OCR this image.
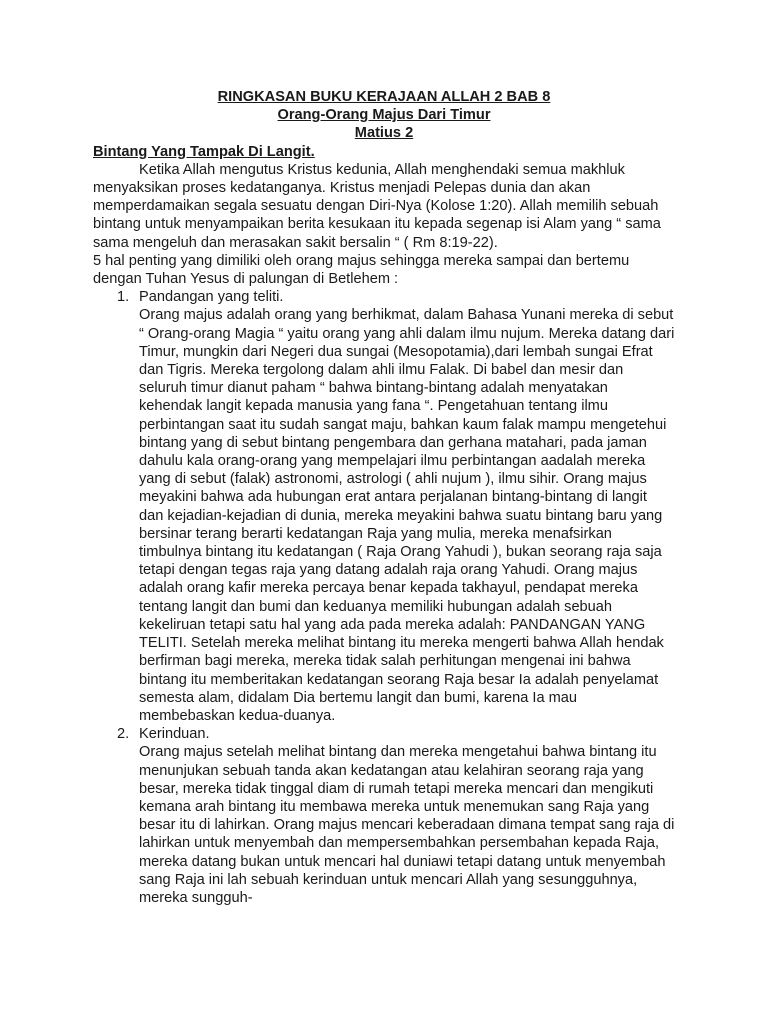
RINGKASAN BUKU KERAJAAN ALLAH 2 BAB 8

Orang-Orang Majus Dari Timur

Matius 2

Bintang Yang Tampak Di Langit.

Ketika Allah mengutus Kristus kedunia, Allah menghendaki semua makhluk menyaksikan proses kedatanganya. Kristus menjadi Pelepas dunia dan akan memperdamaikan segala sesuatu dengan Diri-Nya (Kolose 1:20). Allah memilih sebuah bintang untuk menyampaikan berita kesukaan itu kepada segenap isi Alam yang “ sama sama mengeluh dan merasakan sakit bersalin “ ( Rm 8:19-22).

5 hal penting yang dimiliki oleh orang majus sehingga mereka sampai dan bertemu dengan Tuhan Yesus di palungan di Betlehem :

1. Pandangan yang teliti.

Orang majus adalah orang yang berhikmat, dalam Bahasa Yunani mereka di sebut “ Orang-orang Magia “ yaitu orang yang ahli dalam ilmu nujum. Mereka datang dari Timur, mungkin dari Negeri dua sungai (Mesopotamia),dari lembah sungai Efrat dan Tigris. Mereka tergolong dalam ahli ilmu Falak. Di babel dan mesir dan seluruh timur dianut paham “ bahwa bintang-bintang adalah menyatakan kehendak langit kepada manusia yang fana “. Pengetahuan tentang ilmu perbintangan saat itu sudah sangat maju, bahkan kaum falak mampu mengetehui bintang yang di sebut bintang pengembara dan gerhana matahari, pada jaman dahulu kala orang-orang yang mempelajari ilmu perbintangan aadalah mereka yang di sebut (falak) astronomi, astrologi ( ahli nujum ), ilmu sihir. Orang majus meyakini bahwa ada hubungan erat antara perjalanan bintang-bintang di langit dan kejadian-kejadian di dunia, mereka meyakini bahwa suatu bintang baru yang bersinar terang berarti kedatangan Raja yang mulia, mereka menafsirkan timbulnya bintang itu kedatangan ( Raja Orang Yahudi ), bukan seorang raja saja tetapi dengan tegas raja yang datang adalah raja orang Yahudi. Orang majus adalah orang kafir mereka percaya benar kepada takhayul, pendapat mereka tentang langit dan bumi dan keduanya memiliki hubungan adalah sebuah kekeliruan tetapi satu hal yang ada pada mereka adalah: PANDANGAN YANG TELITI. Setelah mereka melihat bintang itu mereka mengerti bahwa Allah hendak berfirman bagi mereka, mereka tidak salah perhitungan mengenai ini bahwa bintang itu memberitakan kedatangan seorang Raja besar Ia adalah penyelamat semesta alam, didalam Dia bertemu langit dan bumi, karena Ia mau membebaskan kedua-duanya.

2. Kerinduan.

Orang majus setelah melihat bintang dan mereka mengetahui bahwa bintang itu menunjukan sebuah tanda akan kedatangan atau kelahiran seorang raja yang besar, mereka tidak tinggal diam di rumah tetapi mereka mencari dan mengikuti kemana arah bintang itu membawa mereka untuk menemukan sang Raja yang besar itu di lahirkan. Orang majus mencari keberadaan dimana tempat sang raja di lahirkan untuk menyembah dan mempersembahkan persembahan kepada Raja, mereka datang bukan untuk mencari hal duniawi tetapi datang untuk menyembah sang Raja ini lah sebuah kerinduan untuk mencari Allah yang sesungguhnya, mereka sungguh-
